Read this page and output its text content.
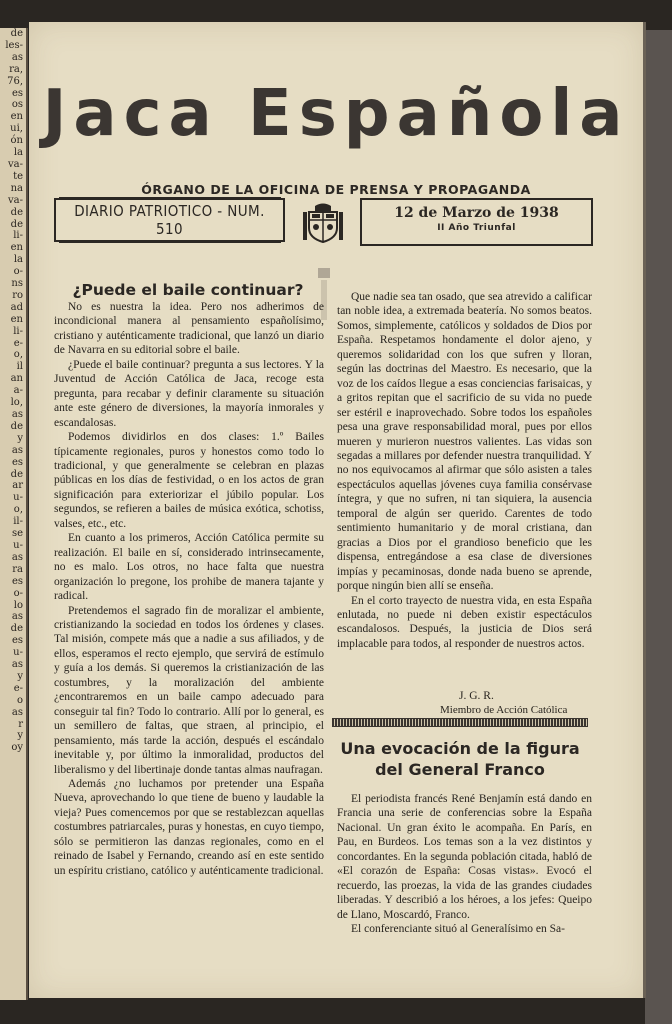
de
les-
as
ra,
76,
es
os
en
ui,
ón
la
va-
te
na
va-
de
de
li-
en
la
o-
ns
ro
ad
en
li-
e-
o,
il
an
a-
lo,
as
de
y
as
es
de
ar
u-
o,
il-
se
u-
as
ra
es
o-
lo
as
de
es
u-
as
y
e-
o
as
r
y
oy
Jaca Española
ÓRGANO DE LA OFICINA DE PRENSA Y PROPAGANDA
DIARIO PATRIOTICO - NUM. 510
12 de Marzo de 1938
II Año Triunfal
¿Puede el baile continuar?

No es nuestra la idea. Pero nos adherimos de incondicional manera al pensamiento españolísimo, cristiano y auténticamente tradicional, que lanzó un diario de Navarra en su editorial sobre el baile.

¿Puede el baile continuar? pregunta a sus lectores. Y la Juventud de Acción Católica de Jaca, recoge esta pregunta, para recabar y definir claramente su situación ante este género de diversiones, la mayoría inmorales y escandalosas.

Podemos dividirlos en dos clases: 1.º Bailes típicamente regionales, puros y honestos como todo lo tradicional, y que generalmente se celebran en plazas públicas en los días de festividad, o en los actos de gran significación para exteriorizar el júbilo popular. Los segundos, se refieren a bailes de música exótica, schotiss, valses, etc., etc.

En cuanto a los primeros, Acción Católica permite su realización. El baile en sí, considerado intrinsecamente, no es malo. Los otros, no hace falta que nuestra organización lo pregone, los prohibe de manera tajante y radical.

Pretendemos el sagrado fin de moralizar el ambiente, cristianizando la sociedad en todos los órdenes y clases. Tal misión, compete más que a nadie a sus afiliados, y de ellos, esperamos el recto ejemplo, que servirá de estímulo y guía a los demás. Si queremos la cristianización de las costumbres, y la moralización del ambiente ¿encontraremos en un baile campo adecuado para conseguir tal fin? Todo lo contrario. Allí por lo general, es un semillero de faltas, que straen, al principio, el pensamiento, más tarde la acción, después el escándalo inevitable y, por último la inmoralidad, productos del liberalismo y del libertinaje donde tantas almas naufragan.

Además ¿no luchamos por pretender una España Nueva, aprovechando lo que tiene de bueno y laudable la vieja? Pues comencemos por que se restablezcan aquellas costumbres patriarcales, puras y honestas, en cuyo tiempo, sólo se permitieron las danzas regionales, como en el reinado de Isabel y Fernando, creando así en este sentido un espíritu cristiano, católico y auténticamente tradicional.

Que nadie sea tan osado, que sea atrevido a calificar tan noble idea, a extremada beatería. No somos beatos. Somos, simplemente, católicos y soldados de Dios por España. Respetamos hondamente el dolor ajeno, y queremos solidaridad con los que sufren y lloran, según las doctrinas del Maestro. Es necesario, que la voz de los caídos llegue a esas conciencias farisaicas, y a gritos repitan que el sacrificio de su vida no puede ser estéril e inaprovechado. Sobre todos los españoles pesa una grave responsabilidad moral, pues por ellos mueren y murieron nuestros valientes. Las vidas son segadas a millares por defender nuestra tranquilidad. Y no nos equivocamos al afirmar que sólo asisten a tales espectáculos aquellas jóvenes cuya familia consérvase íntegra, y que no sufren, ni tan siquiera, la ausencia temporal de algún ser querido. Carentes de todo sentimiento humanitario y de moral cristiana, dan gracias a Dios por el grandioso beneficio que les dispensa, entregándose a esa clase de diversiones impías y pecaminosas, donde nada bueno se aprende, porque ningún bien allí se enseña.

En el corto trayecto de nuestra vida, en esta España enlutada, no puede ni deben existir espectáculos escandalosos. Después, la justicia de Dios será implacable para todos, al responder de nuestros actos.

J. G. R.
Miembro de Acción Católica
Una evocación de la figura
del General Franco

El periodista francés René Benjamín está dando en Francia una serie de conferencias sobre la España Nacional. Un gran éxito le acompaña. En París, en Pau, en Burdeos. Los temas son a la vez distintos y concordantes. En la segunda población citada, habló de «El corazón de España: Cosas vistas». Evocó el recuerdo, las proezas, la vida de las grandes ciudades liberadas. Y describió a los héroes, a los jefes: Queipo de Llano, Moscardó, Franco.

El conferenciante situó al Generalísimo en Sa-
